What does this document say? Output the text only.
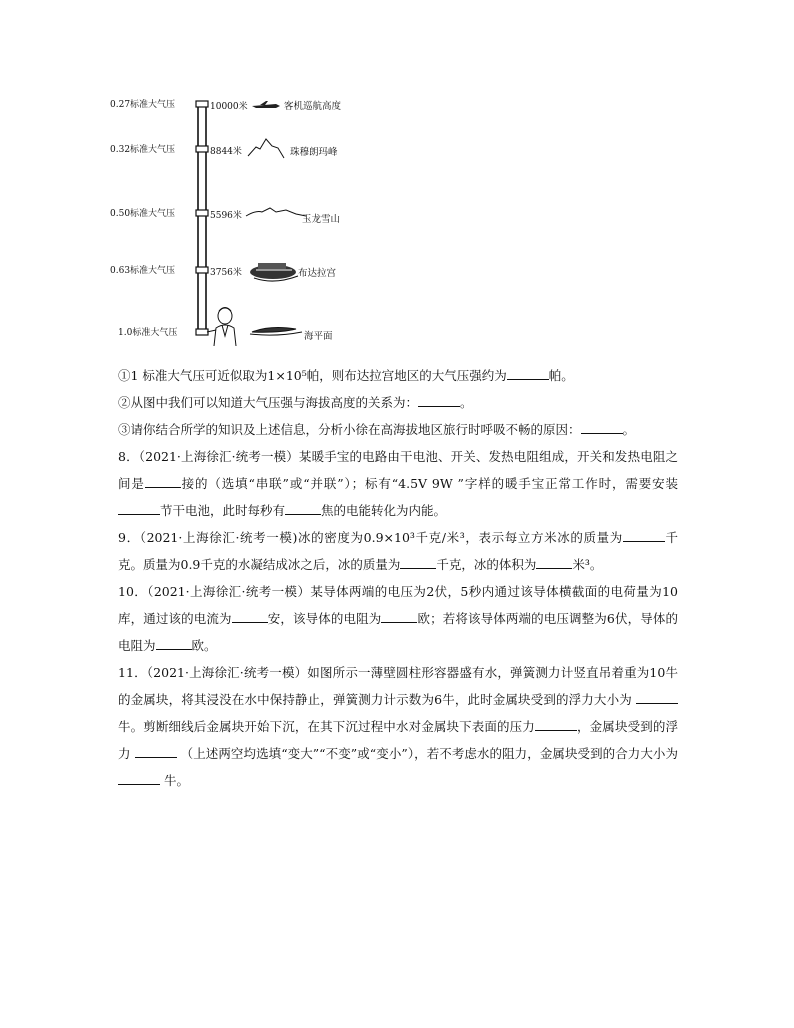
0.27标准大气压
0.32标准大气压
0.50标准大气压
0.63标准大气压
1.0标准大气压
10000米
8844米
5596米
3756米
客机巡航高度
珠穆朗玛峰
玉龙雪山
布达拉宫
海平面

①1 标准大气压可近似取为1×10⁵帕，则布达拉宫地区的大气压强约为	帕。

②从图中我们可以知道大气压强与海拔高度的关系为：	。

③请你结合所学的知识及上述信息，分析小徐在高海拔地区旅行时呼吸不畅的原因：	。

8．（2021·上海徐汇·统考一模）某暖手宝的电路由干电池、开关、发热电阻组成，开关和发热电阻之间是	接的（选填“串联”或“并联”）；标有“4.5V 9W ”字样的暖手宝正常工作时，需要安装节干电池，此时每秒有	焦的电能转化为内能。

9．（2021·上海徐汇·统考一模)冰的密度为0.9×10³千克/米³，表示每立方米冰的质量为	千克。质量为0.9千克的水凝结成冰之后，冰的质量为	千克，冰的体积为	米³。

10．（2021·上海徐汇·统考一模）某导体两端的电压为2伏，5秒内通过该导体横截面的电荷量为10库，通过该的电流为	安，该导体的电阻为	欧；若将该导体两端的电压调整为6伏，导体的电阻为	欧。

11．（2021·上海徐汇·统考一模）如图所示一薄壁圆柱形容器盛有水，弹簧测力计竖直吊着重为10牛的金属块，将其浸没在水中保持静止，弹簧测力计示数为6牛，此时金属块受到的浮力大小为  牛。剪断细线后金属块开始下沉，在其下沉过程中水对金属块下表面的压力	，金属块受到的浮力	（上述两空均选填“变大”“不变”或“变小”），若不考虑水的阻力，金属块受到的合力大小为  牛。
